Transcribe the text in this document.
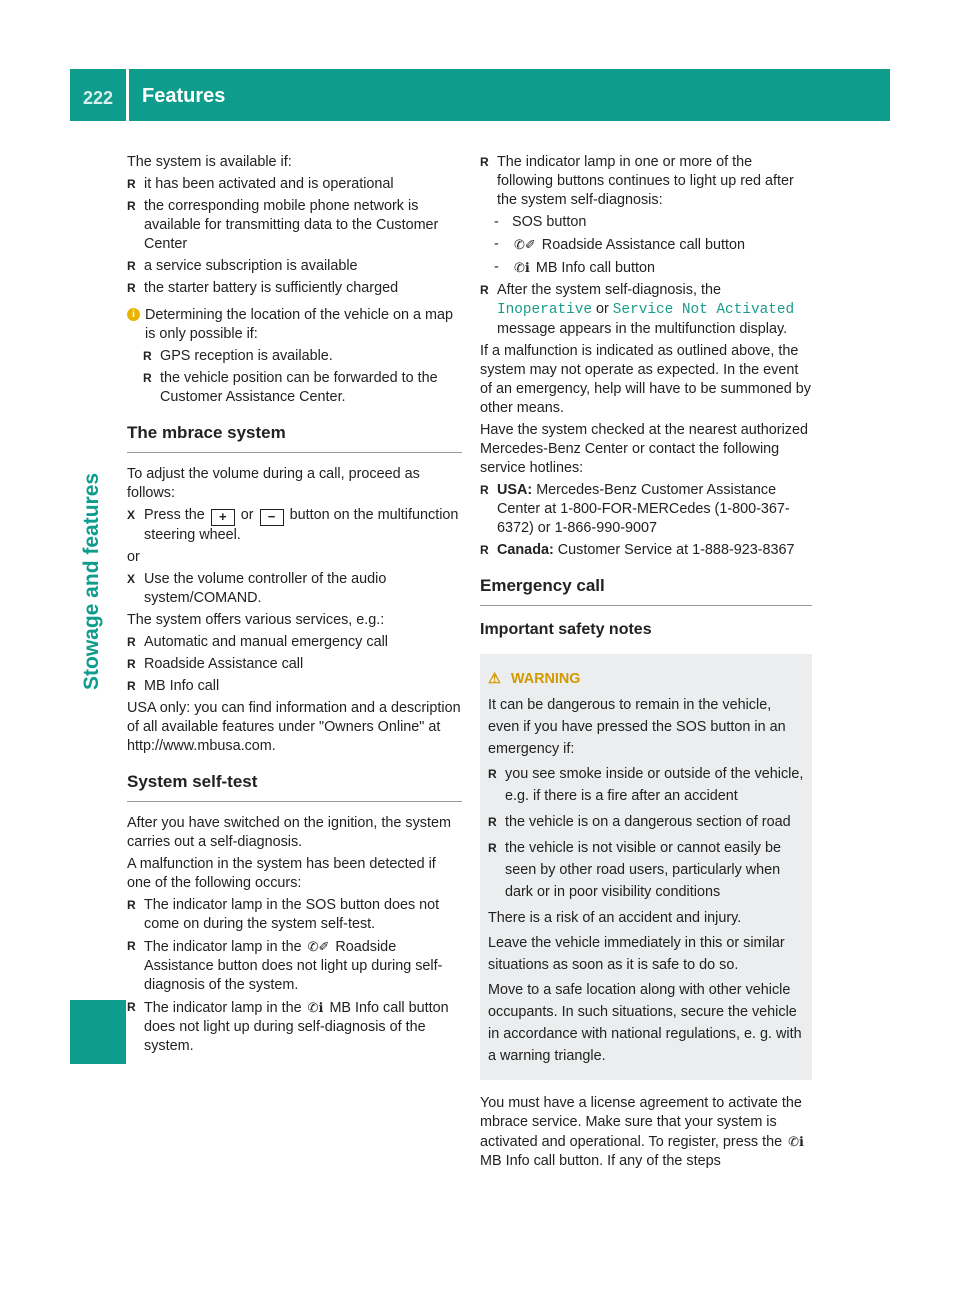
222	Features
Stowage and features

The system is available if:

R it has been activated and is operational
R the corresponding mobile phone network is available for transmitting data to the Customer Center
R a service subscription is available
R the starter battery is sufficiently charged
i Determining the location of the vehicle on a map is only possible if:
R GPS reception is available.
R the vehicle position can be forwarded to the Customer Assistance Center.
The mbrace system

To adjust the volume during a call, proceed as follows:

X Press the + or − button on the multifunction steering wheel.

or

X Use the volume controller of the audio system/COMAND.

The system offers various services, e.g.:

R Automatic and manual emergency call
R Roadside Assistance call
R MB Info call

USA only: you can find information and a description of all available features under "Owners Online" at http://www.mbusa.com.

System self-test

After you have switched on the ignition, the system carries out a self-diagnosis.

A malfunction in the system has been detected if one of the following occurs:

R The indicator lamp in the SOS button does not come on during the system self-test.
R The indicator lamp in the ✆✐ Roadside Assistance button does not light up during self-diagnosis of the system.
R The indicator lamp in the ✆ℹ MB Info call button does not light up during self-diagnosis of the system.
R The indicator lamp in one or more of the following buttons continues to light up red after the system self-diagnosis:
- SOS button
- ✆✐ Roadside Assistance call button
- ✆ℹ MB Info call button
R After the system self-diagnosis, the Inoperative or Service Not Activated message appears in the multifunction display.

If a malfunction is indicated as outlined above, the system may not operate as expected. In the event of an emergency, help will have to be summoned by other means.

Have the system checked at the nearest authorized Mercedes-Benz Center or contact the following service hotlines:

R USA: Mercedes-Benz Customer Assistance Center at 1-800-FOR-MERCedes (1-800-367-6372) or 1-866-990-9007
R Canada: Customer Service at 1-888-923-8367
Emergency call
Important safety notes
⚠ WARNING

It can be dangerous to remain in the vehicle, even if you have pressed the SOS button in an emergency if:

R you see smoke inside or outside of the vehicle, e.g. if there is a fire after an accident
R the vehicle is on a dangerous section of road
R the vehicle is not visible or cannot easily be seen by other road users, particularly when dark or in poor visibility conditions

There is a risk of an accident and injury.

Leave the vehicle immediately in this or similar situations as soon as it is safe to do so.

Move to a safe location along with other vehicle occupants. In such situations, secure the vehicle in accordance with national regulations, e. g. with a warning triangle.

You must have a license agreement to activate the mbrace service. Make sure that your system is activated and operational. To register, press the ✆ℹ MB Info call button. If any of the steps
